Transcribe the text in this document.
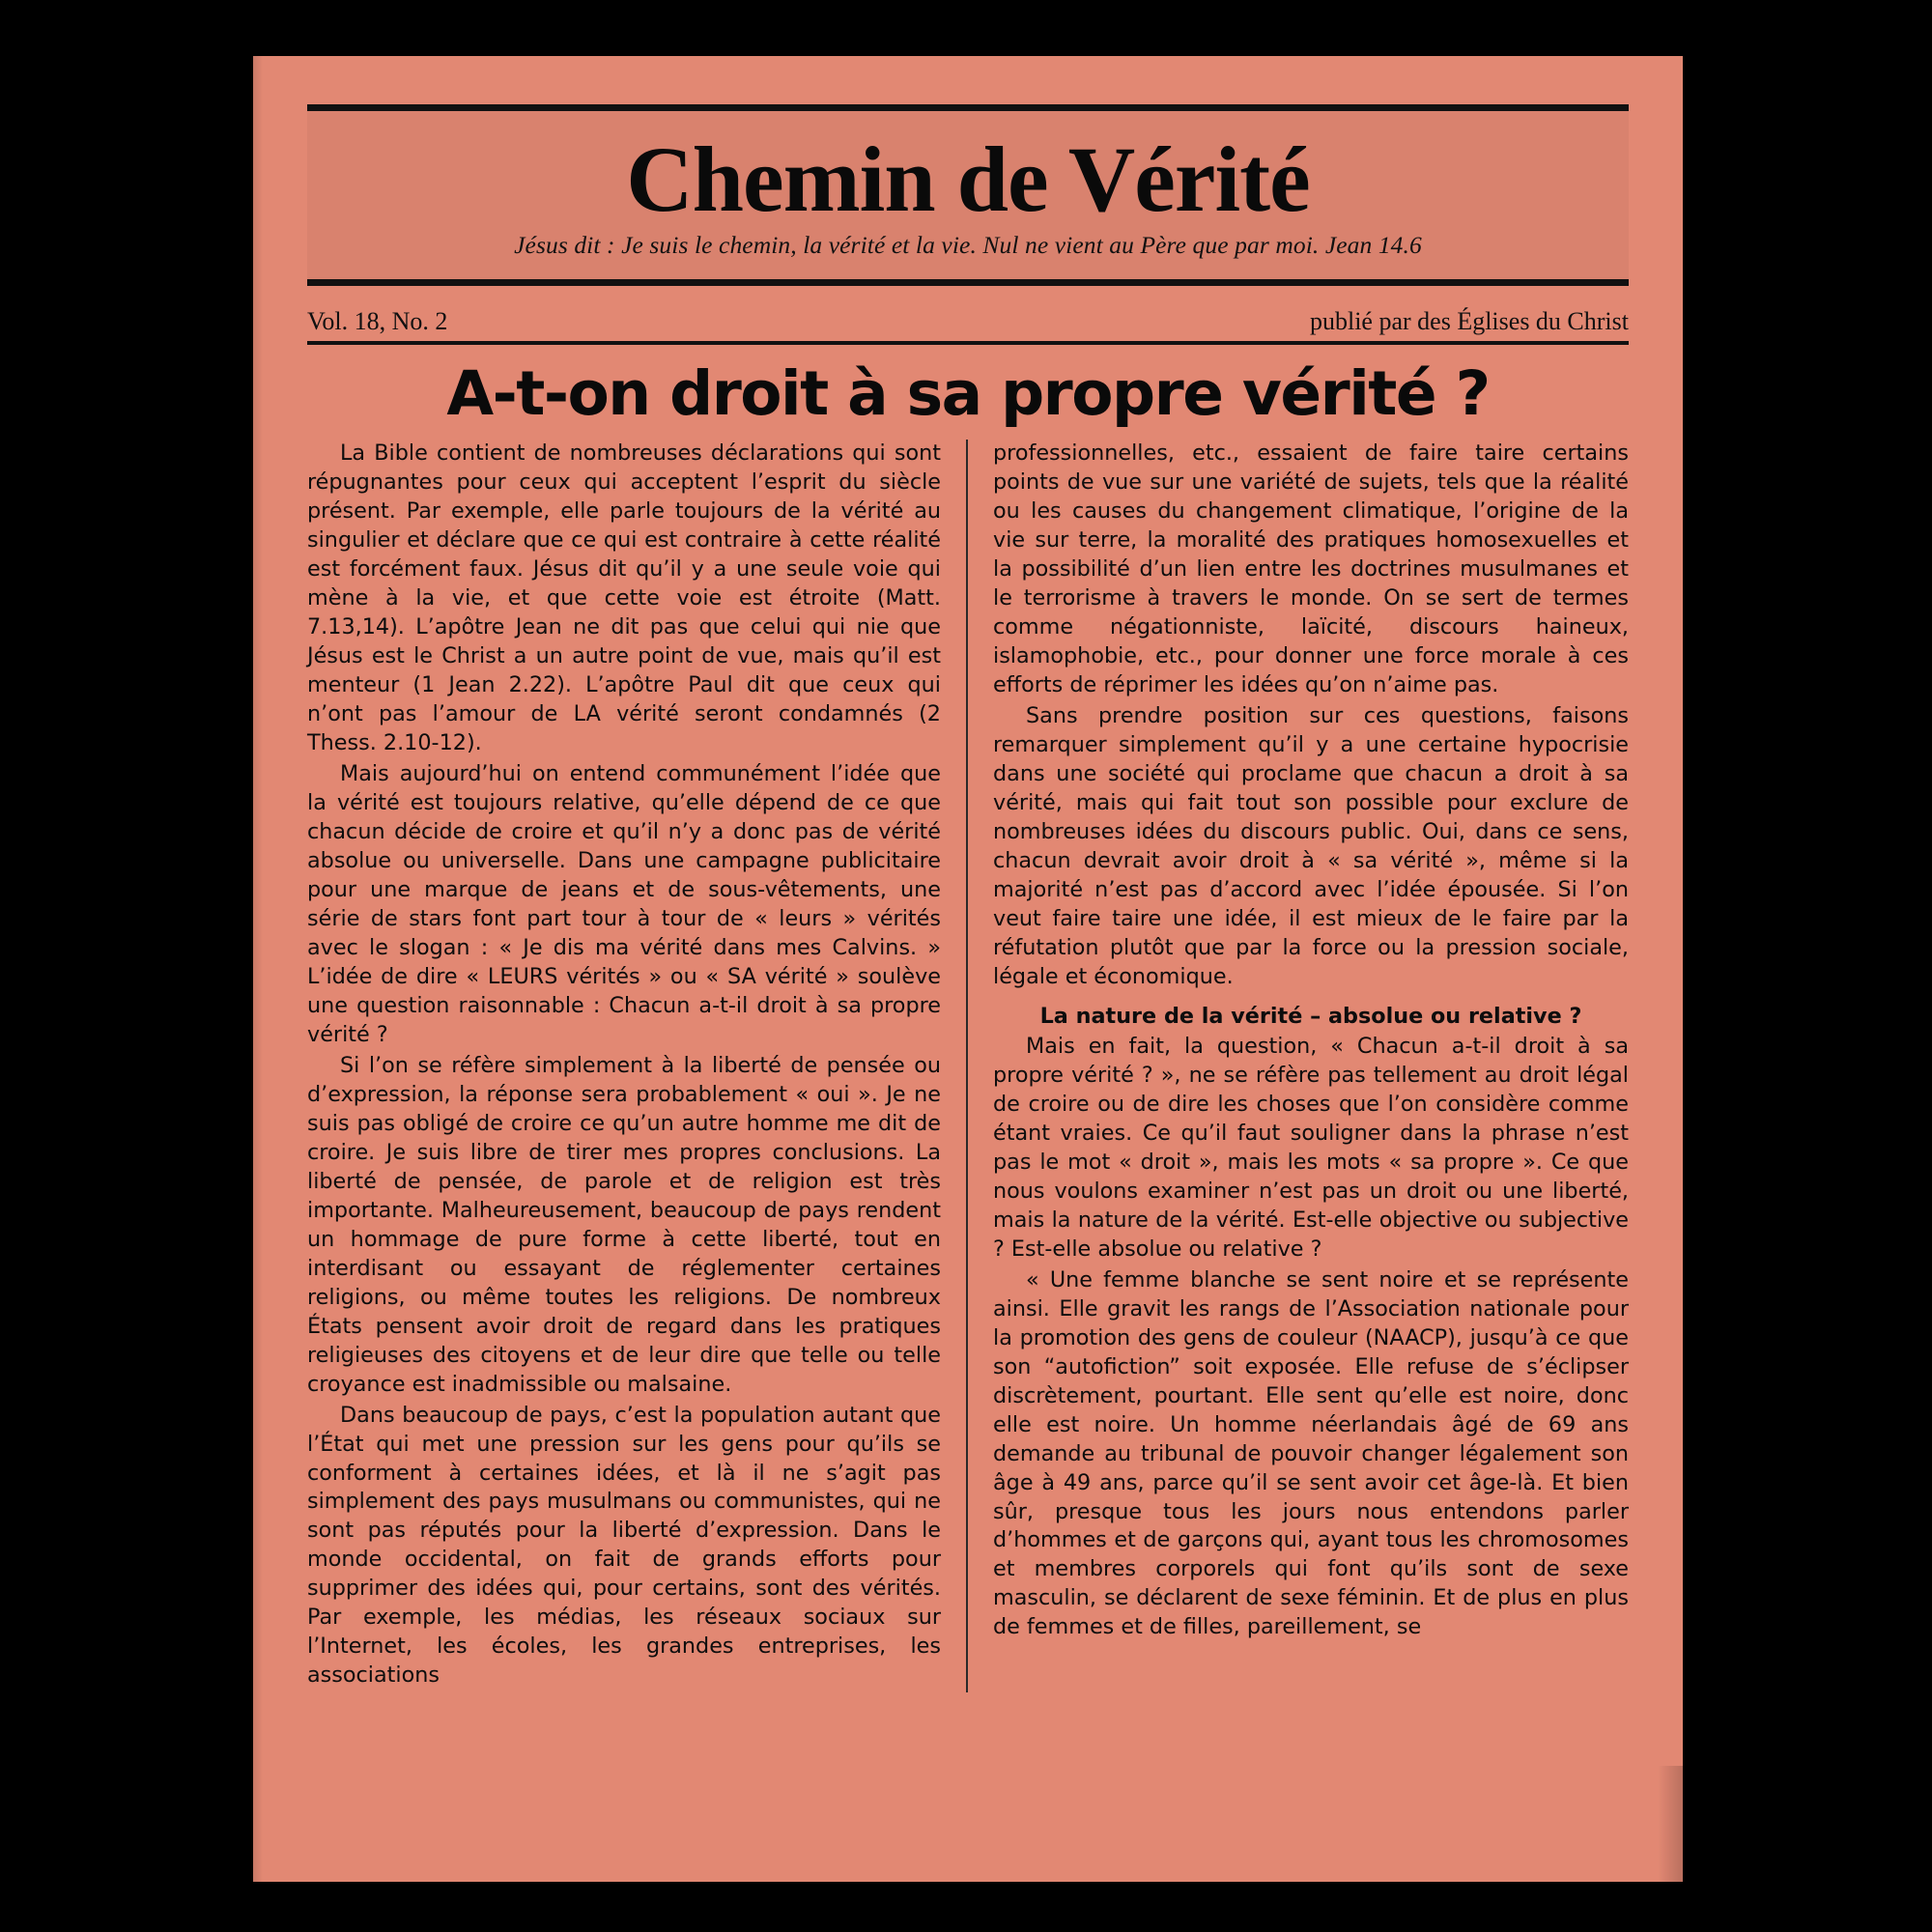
Chemin de Vérité
Jésus dit : Je suis le chemin, la vérité et la vie. Nul ne vient au Père que par moi. Jean 14.6
Vol. 18, No. 2	publié par des Églises du Christ
A-t-on droit à sa propre vérité ?

La Bible contient de nombreuses déclarations qui sont répugnantes pour ceux qui acceptent l’esprit du siècle présent. Par exemple, elle parle toujours de la vérité au singulier et déclare que ce qui est contraire à cette réalité est forcément faux. Jésus dit qu’il y a une seule voie qui mène à la vie, et que cette voie est étroite (Matt. 7.13,14). L’apôtre Jean ne dit pas que celui qui nie que Jésus est le Christ a un autre point de vue, mais qu’il est menteur (1 Jean 2.22). L’apôtre Paul dit que ceux qui n’ont pas l’amour de LA vérité seront condamnés (2 Thess. 2.10-12).

Mais aujourd’hui on entend communément l’idée que la vérité est toujours relative, qu’elle dépend de ce que chacun décide de croire et qu’il n’y a donc pas de vérité absolue ou universelle. Dans une campagne publicitaire pour une marque de jeans et de sous-vêtements, une série de stars font part tour à tour de « leurs » vérités avec le slogan : « Je dis ma vérité dans mes Calvins. » L’idée de dire « LEURS vérités » ou « SA vérité » soulève une question raisonnable : Chacun a-t-il droit à sa propre vérité ?

Si l’on se réfère simplement à la liberté de pensée ou d’expression, la réponse sera probablement « oui ». Je ne suis pas obligé de croire ce qu’un autre homme me dit de croire. Je suis libre de tirer mes propres conclusions. La liberté de pensée, de parole et de religion est très importante. Malheureusement, beaucoup de pays rendent un hommage de pure forme à cette liberté, tout en interdisant ou essayant de réglementer certaines religions, ou même toutes les religions. De nombreux États pensent avoir droit de regard dans les pratiques religieuses des citoyens et de leur dire que telle ou telle croyance est inadmissible ou malsaine.

Dans beaucoup de pays, c’est la population autant que l’État qui met une pression sur les gens pour qu’ils se conforment à certaines idées, et là il ne s’agit pas simplement des pays musulmans ou communistes, qui ne sont pas réputés pour la liberté d’expression. Dans le monde occidental, on fait de grands efforts pour supprimer des idées qui, pour certains, sont des vérités. Par exemple, les médias, les réseaux sociaux sur l’Internet, les écoles, les grandes entreprises, les associations

professionnelles, etc., essaient de faire taire certains points de vue sur une variété de sujets, tels que la réalité ou les causes du changement climatique, l’origine de la vie sur terre, la moralité des pratiques homosexuelles et la possibilité d’un lien entre les doctrines musulmanes et le terrorisme à travers le monde. On se sert de termes comme négationniste, laïcité, discours haineux, islamophobie, etc., pour donner une force morale à ces efforts de réprimer les idées qu’on n’aime pas.

Sans prendre position sur ces questions, faisons remarquer simplement qu’il y a une certaine hypocrisie dans une société qui proclame que chacun a droit à sa vérité, mais qui fait tout son possible pour exclure de nombreuses idées du discours public. Oui, dans ce sens, chacun devrait avoir droit à « sa vérité », même si la majorité n’est pas d’accord avec l’idée épousée. Si l’on veut faire taire une idée, il est mieux de le faire par la réfutation plutôt que par la force ou la pression sociale, légale et économique.

La nature de la vérité – absolue ou relative ?

Mais en fait, la question, « Chacun a-t-il droit à sa propre vérité ? », ne se réfère pas tellement au droit légal de croire ou de dire les choses que l’on considère comme étant vraies. Ce qu’il faut souligner dans la phrase n’est pas le mot « droit », mais les mots « sa propre ». Ce que nous voulons examiner n’est pas un droit ou une liberté, mais la nature de la vérité. Est-elle objective ou subjective ? Est-elle absolue ou relative ?

« Une femme blanche se sent noire et se représente ainsi. Elle gravit les rangs de l’Association nationale pour la promotion des gens de couleur (NAACP), jusqu’à ce que son “autofiction” soit exposée. Elle refuse de s’éclipser discrètement, pourtant. Elle sent qu’elle est noire, donc elle est noire. Un homme néerlandais âgé de 69 ans demande au tribunal de pouvoir changer légalement son âge à 49 ans, parce qu’il se sent avoir cet âge-là. Et bien sûr, presque tous les jours nous entendons parler d’hommes et de garçons qui, ayant tous les chromosomes et membres corporels qui font qu’ils sont de sexe masculin, se déclarent de sexe féminin. Et de plus en plus de femmes et de filles, pareillement, se
